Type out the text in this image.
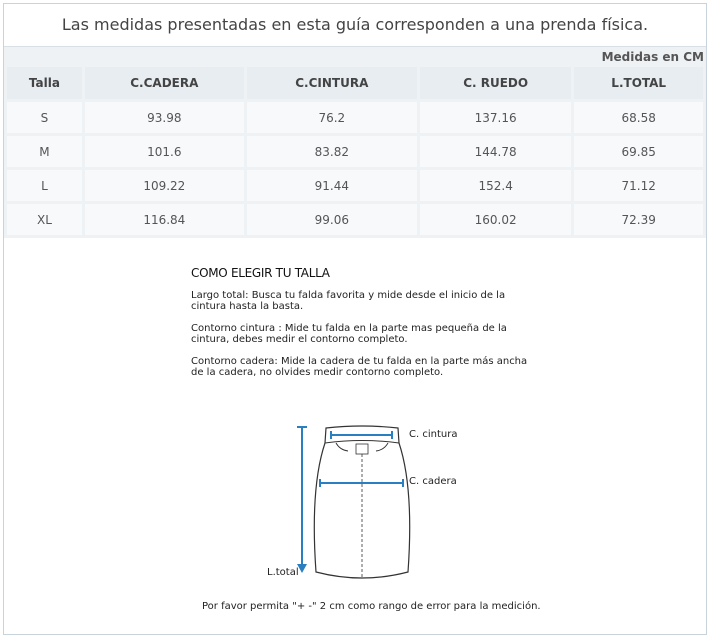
Las medidas presentadas en esta guía corresponden a una prenda física.
Medidas en CM
Talla	C.CADERA	C.CINTURA	C. RUEDO	L.TOTAL
S	93.98	76.2	137.16	68.58
M	101.6	83.82	144.78	69.85
L	109.22	91.44	152.4	71.12
XL	116.84	99.06	160.02	72.39
COMO ELEGIR TU TALLA
Largo total: Busca tu falda favorita y mide desde el inicio de la cintura hasta la basta.
Contorno cintura : Mide tu falda en la parte mas pequeña de la cintura, debes medir el contorno completo.
Contorno cadera: Mide la cadera de tu falda en la parte más ancha de la cadera, no olvides medir contorno completo.
C. cintura
C. cadera
L.total
Por favor permita "+ -" 2 cm como rango de error para la medición.
